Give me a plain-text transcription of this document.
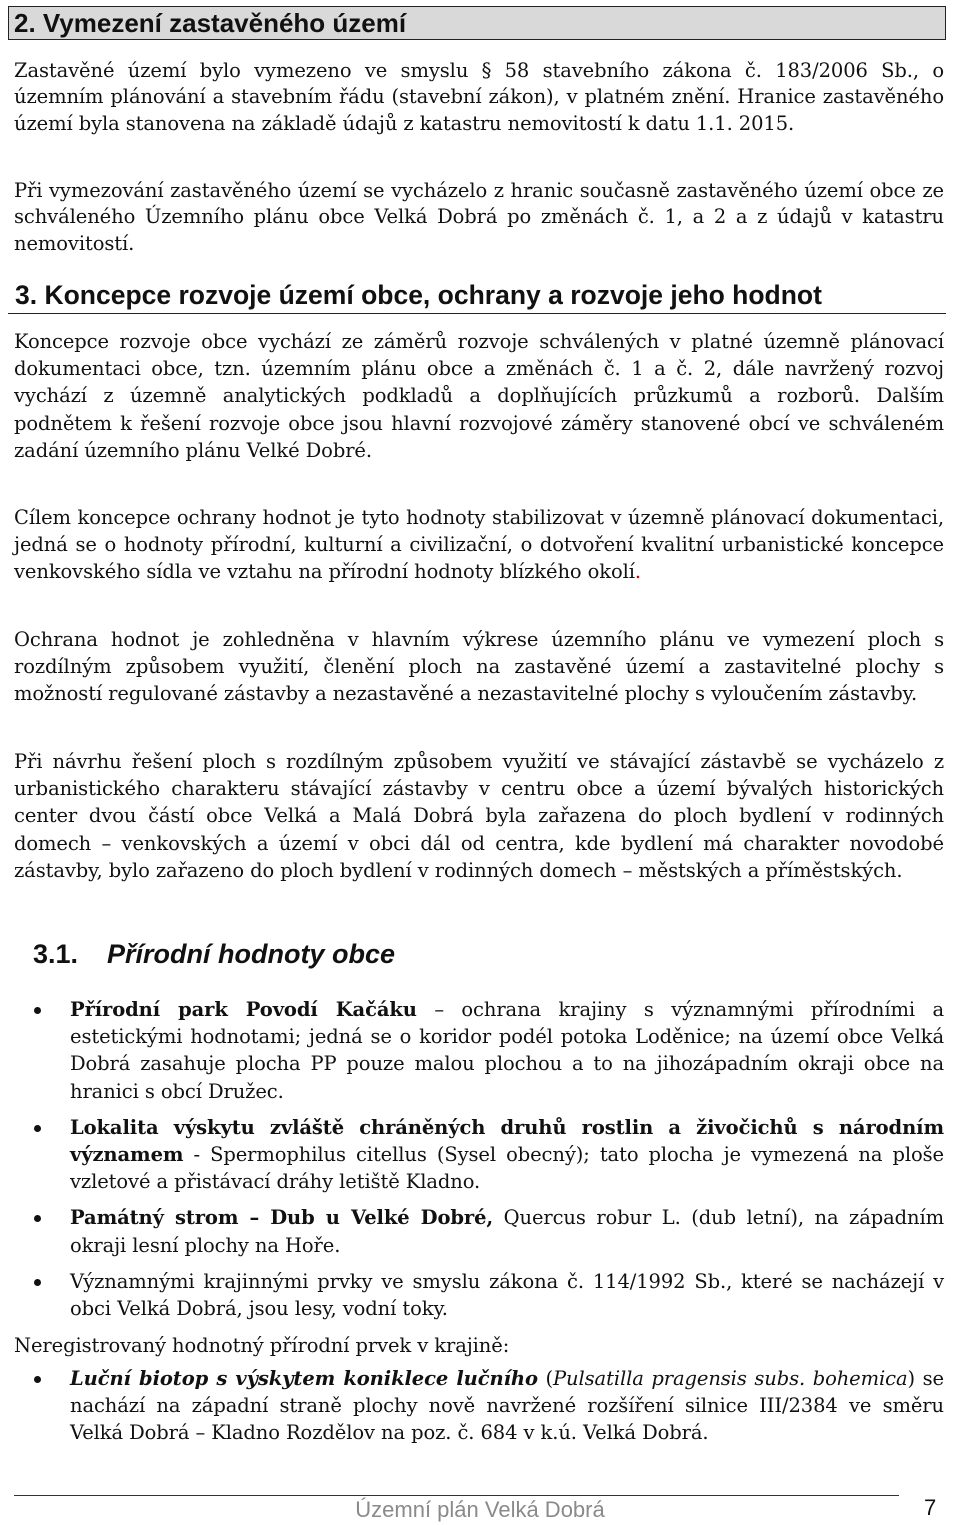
2. Vymezení zastavěného území

Zastavěné území bylo vymezeno ve smyslu § 58 stavebního zákona č. 183/2006 Sb., o územním plánování a stavebním řádu (stavební zákon), v platném znění. Hranice zastavěného území byla stanovena na základě údajů z katastru nemovitostí k datu 1.1. 2015.

Při vymezování zastavěného území se vycházelo z hranic současně zastavěného území obce ze schváleného Územního plánu obce Velká Dobrá po změnách č. 1, a 2 a z údajů v katastru nemovitostí.

3. Koncepce rozvoje území obce, ochrany a rozvoje jeho hodnot

Koncepce rozvoje obce vychází ze záměrů rozvoje schválených v platné územně plánovací dokumentaci obce, tzn. územním plánu obce a změnách č. 1 a č. 2, dále navržený rozvoj vychází z územně analytických podkladů a doplňujících průzkumů a rozborů. Dalším podnětem k řešení rozvoje obce jsou hlavní rozvojové záměry stanovené obcí ve schváleném zadání územního plánu Velké Dobré.

Cílem koncepce ochrany hodnot je tyto hodnoty stabilizovat v územně plánovací dokumentaci, jedná se o hodnoty přírodní, kulturní a civilizační, o dotvoření kvalitní urbanistické koncepce venkovského sídla ve vztahu na přírodní hodnoty blízkého okolí.

Ochrana hodnot je zohledněna v hlavním výkrese územního plánu ve vymezení ploch s rozdílným způsobem využití, členění ploch na zastavěné území a zastavitelné plochy s možností regulované zástavby a nezastavěné a nezastavitelné plochy s vyloučením zástavby.

Při návrhu řešení ploch s rozdílným způsobem využití ve stávající zástavbě se vycházelo z urbanistického charakteru stávající zástavby v centru obce a území bývalých historických center dvou částí obce Velká a Malá Dobrá byla zařazena do ploch bydlení v rodinných domech – venkovských a území v obci dál od centra, kde bydlení má charakter novodobé zástavby, bylo zařazeno do ploch bydlení v rodinných domech – městských a příměstských.

3.1. Přírodní hodnoty obce
Přírodní park Povodí Kačáku – ochrana krajiny s významnými přírodními a estetickými hodnotami; jedná se o koridor podél potoka Loděnice; na území obce Velká Dobrá zasahuje plocha PP pouze malou plochou a to na jihozápadním okraji obce na hranici s obcí Družec.
Lokalita výskytu zvláště chráněných druhů rostlin a živočichů s národním významem - Spermophilus citellus (Sysel obecný); tato plocha je vymezená na ploše vzletové a přistávací dráhy letiště Kladno.
Památný strom – Dub u Velké Dobré, Quercus robur L. (dub letní), na západním okraji lesní plochy na Hoře.
Významnými krajinnými prvky ve smyslu zákona č. 114/1992 Sb., které se nacházejí v obci Velká Dobrá, jsou lesy, vodní toky.

Neregistrovaný hodnotný přírodní prvek v krajině:

Luční biotop s výskytem koniklece lučního (Pulsatilla pragensis subs. bohemica) se nachází na západní straně plochy nově navržené rozšíření silnice III/2384 ve směru Velká Dobrá – Kladno Rozdělov na poz. č. 684 v k.ú. Velká Dobrá.
Územní plán Velká Dobrá	7
